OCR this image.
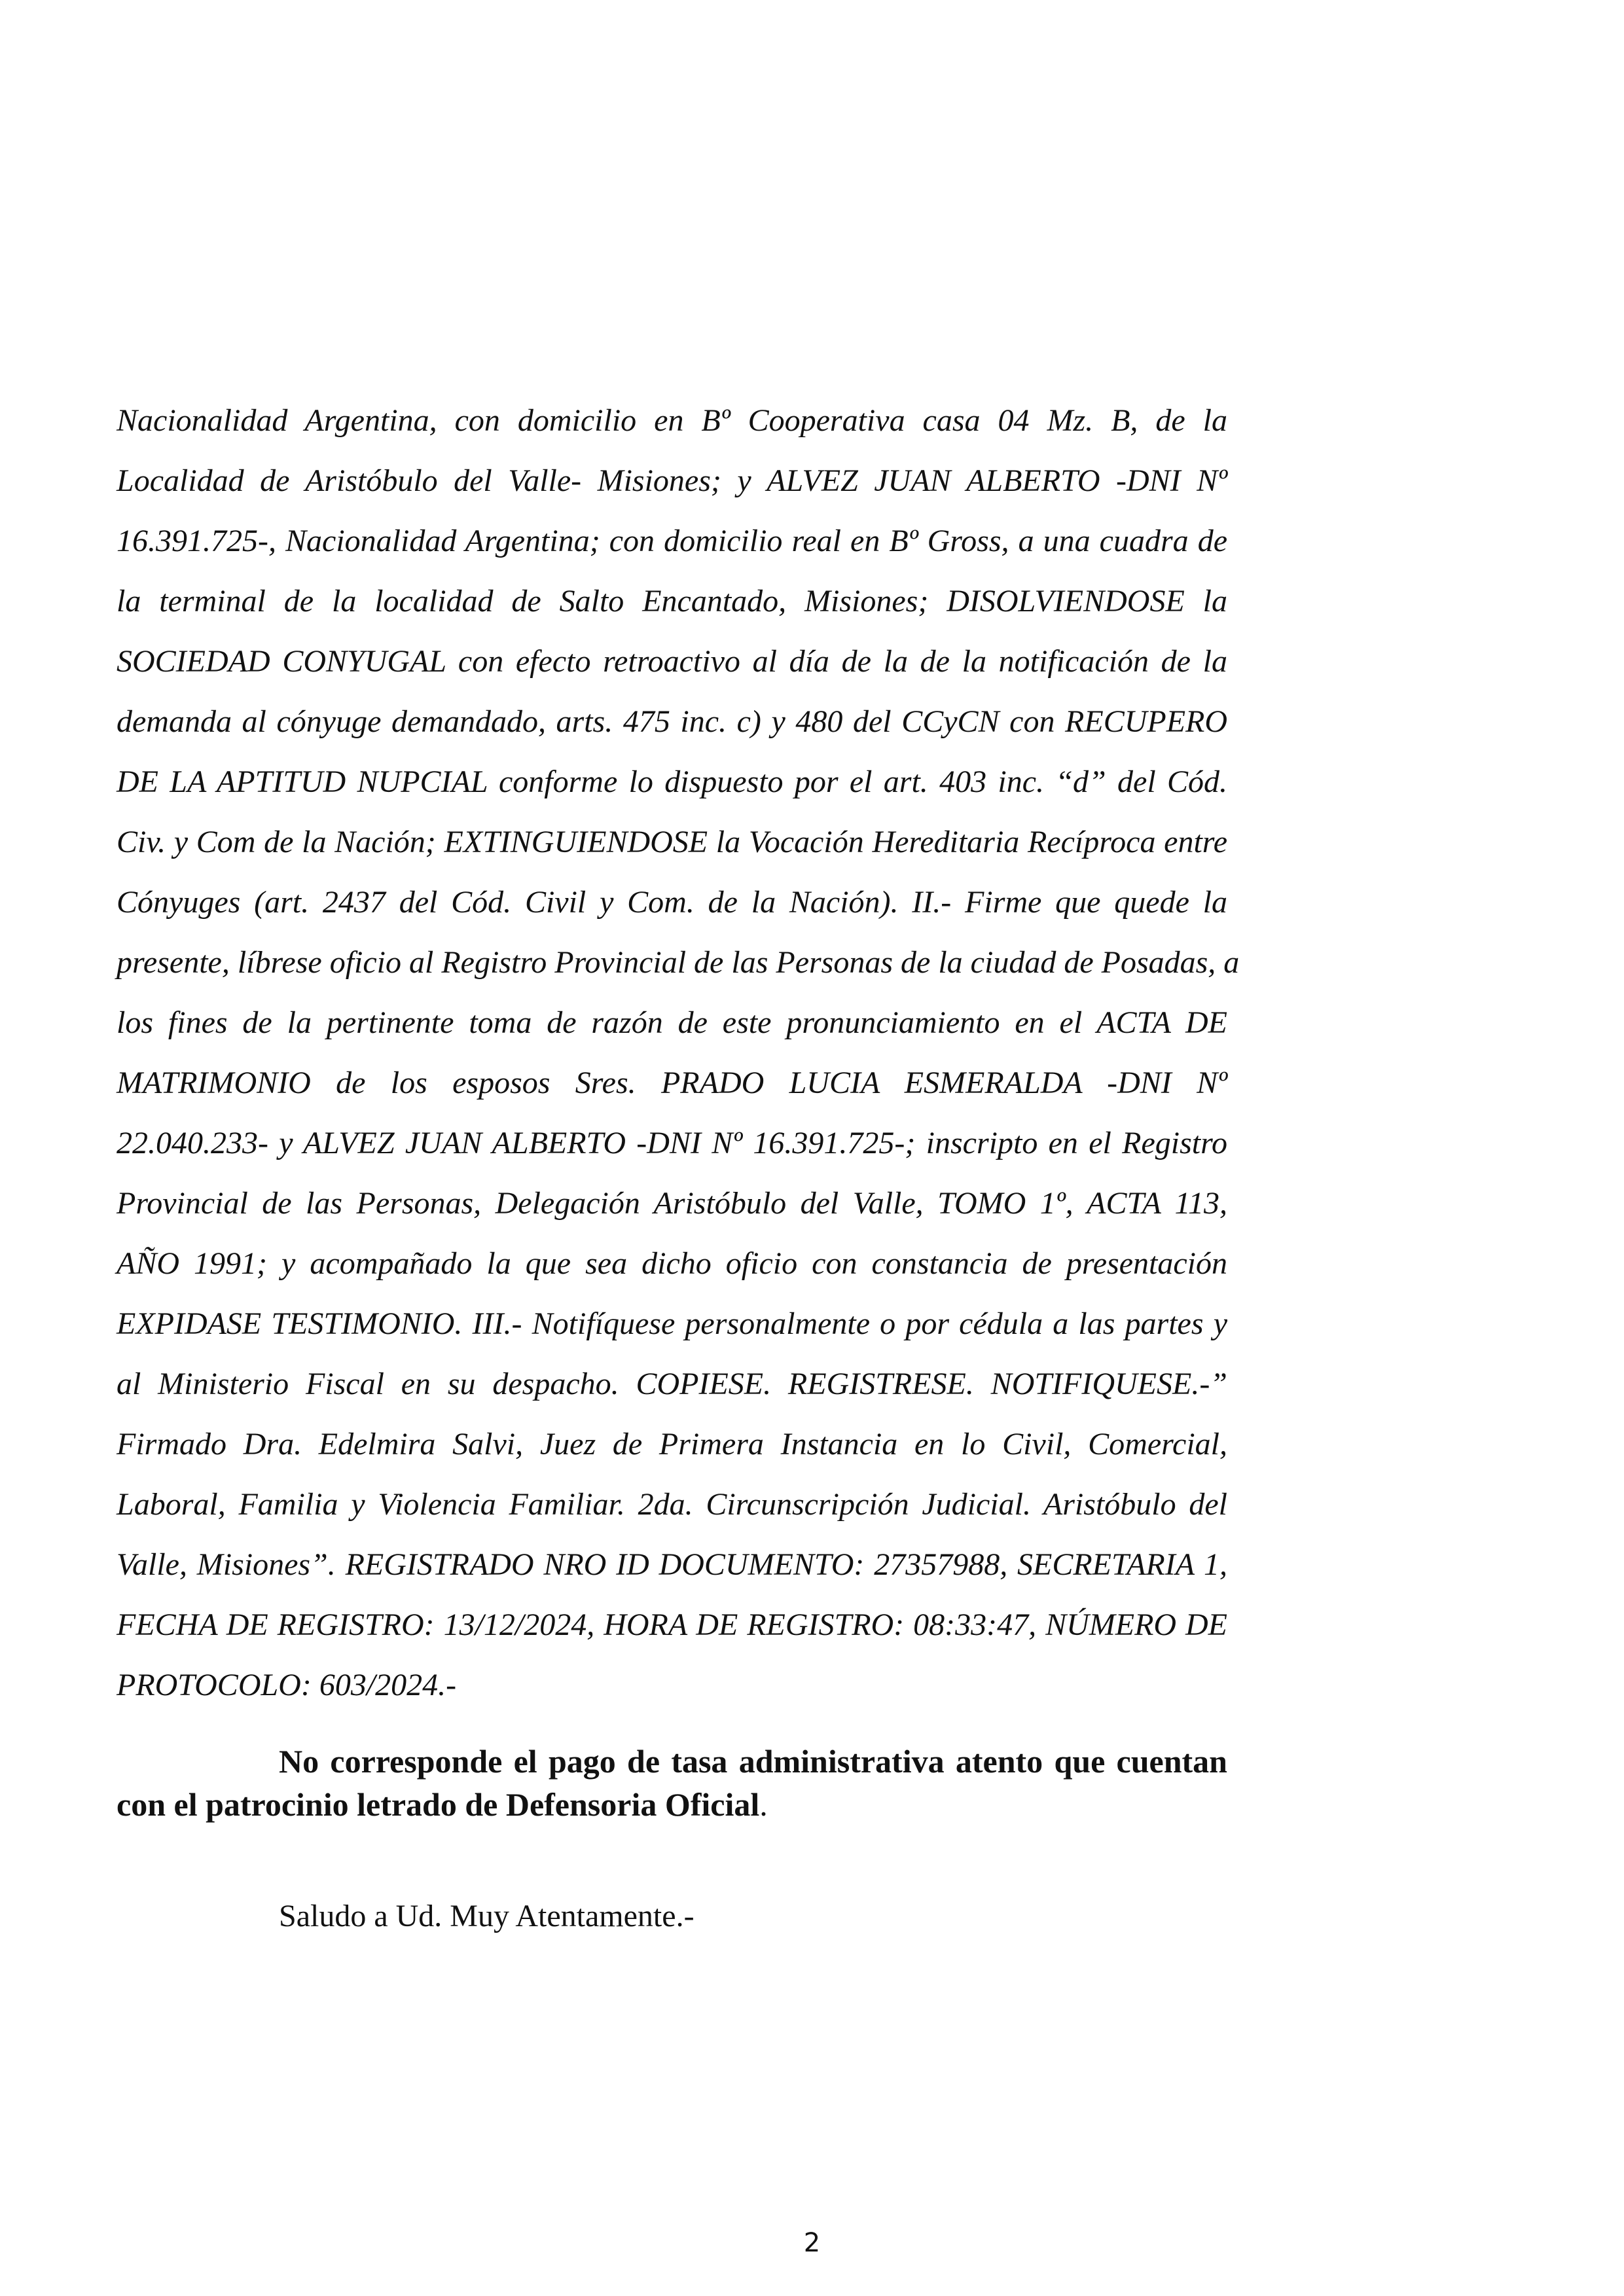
Nacionalidad Argentina, con domicilio en Bº Cooperativa casa 04 Mz. B, de la
Localidad de Aristóbulo del Valle- Misiones; y ALVEZ JUAN ALBERTO -DNI Nº
16.391.725-, Nacionalidad Argentina; con domicilio real en Bº Gross, a una cuadra de
la terminal de la localidad de Salto Encantado, Misiones; DISOLVIENDOSE la
SOCIEDAD CONYUGAL con efecto retroactivo al día de la de la notificación de la
demanda al cónyuge demandado, arts. 475 inc. c) y 480 del CCyCN con RECUPERO
DE LA APTITUD NUPCIAL conforme lo dispuesto por el art. 403 inc. “d” del Cód.
Civ. y Com de la Nación; EXTINGUIENDOSE la Vocación Hereditaria Recíproca entre
Cónyuges (art. 2437 del Cód. Civil y Com. de la Nación). II.- Firme que quede la
presente, líbrese oficio al Registro Provincial de las Personas de la ciudad de Posadas, a
los fines de la pertinente toma de razón de este pronunciamiento en el ACTA DE
MATRIMONIO de los esposos Sres. PRADO LUCIA ESMERALDA -DNI Nº
22.040.233- y ALVEZ JUAN ALBERTO -DNI Nº 16.391.725-; inscripto en el Registro
Provincial de las Personas, Delegación Aristóbulo del Valle, TOMO 1º, ACTA 113,
AÑO 1991; y acompañado la que sea dicho oficio con constancia de presentación
EXPIDASE TESTIMONIO. III.- Notifíquese personalmente o por cédula a las partes y
al Ministerio Fiscal en su despacho. COPIESE. REGISTRESE. NOTIFIQUESE.-”
Firmado Dra. Edelmira Salvi, Juez de Primera Instancia en lo Civil, Comercial,
Laboral, Familia y Violencia Familiar. 2da. Circunscripción Judicial. Aristóbulo del
Valle, Misiones”. REGISTRADO NRO ID DOCUMENTO: 27357988, SECRETARIA 1,
FECHA DE REGISTRO: 13/12/2024, HORA DE REGISTRO: 08:33:47, NÚMERO DE
PROTOCOLO: 603/2024.-
No corresponde el pago de tasa administrativa atento que cuentan
con el patrocinio letrado de Defensoria Oficial.
Saludo a Ud. Muy Atentamente.-
2
